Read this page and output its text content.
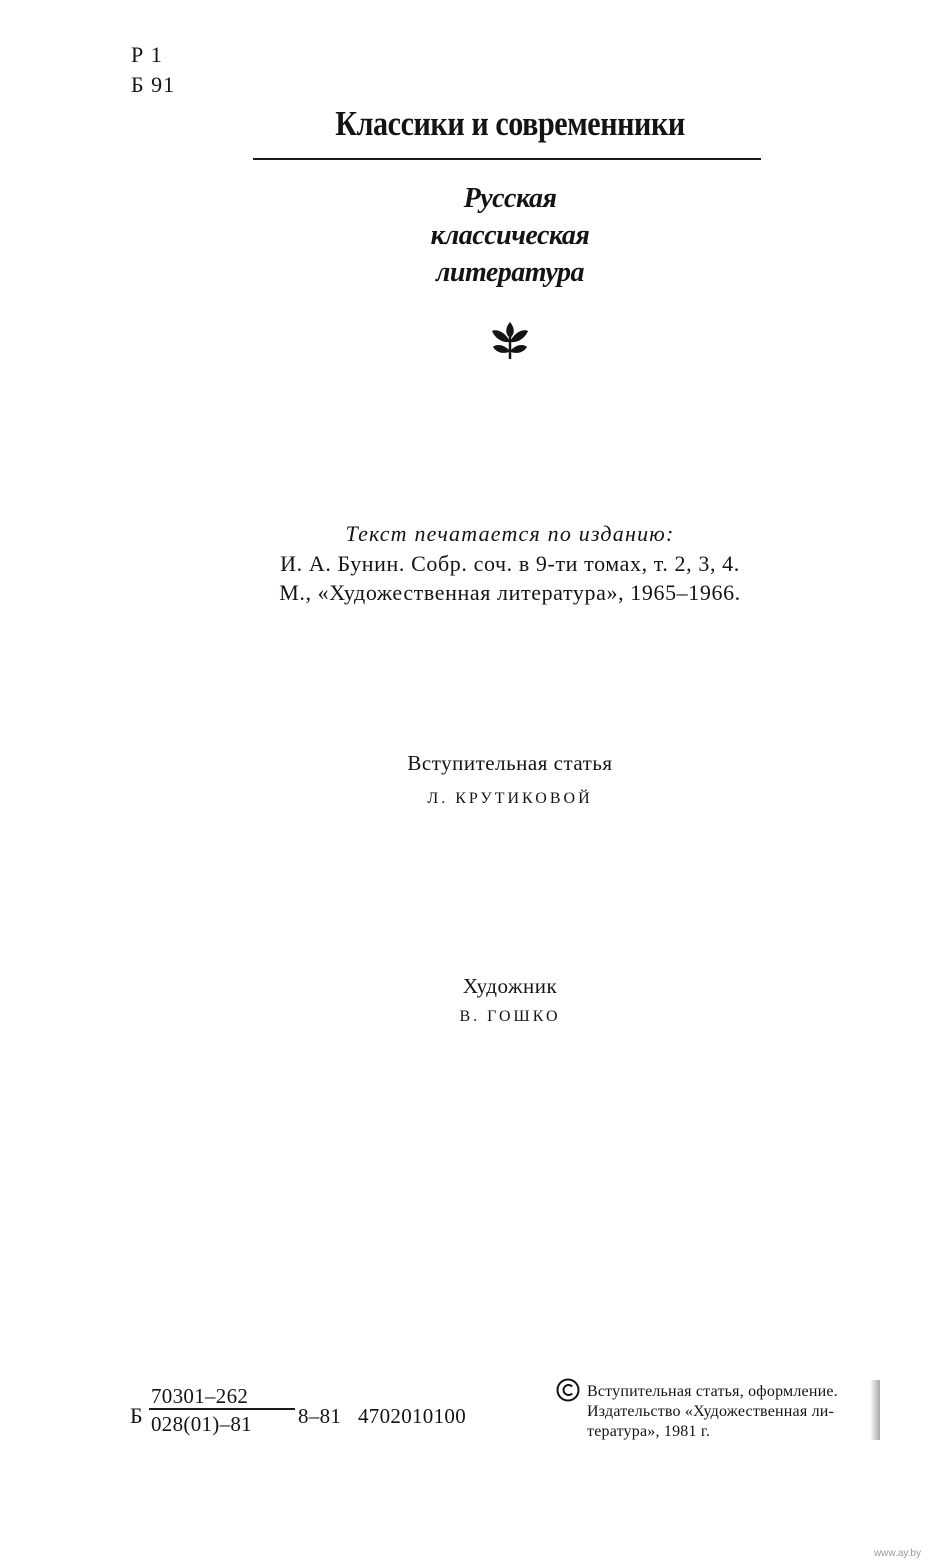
Р 1
Б 91
Классики и современники
Русская
классическая
литература
Текст печатается по изданию:
И. А. Бунин. Собр. соч. в 9-ти томах, т. 2, 3, 4.
М., «Художественная литература», 1965–1966.
Вступительная статья
Л. КРУТИКОВОЙ
Художник
В. ГОШКО
Б
70301–262
028(01)–81 8–81 4702010100
Вступительная статья, оформление.
Издательство «Художественная ли-
тература», 1981 г.
www.ay.by
